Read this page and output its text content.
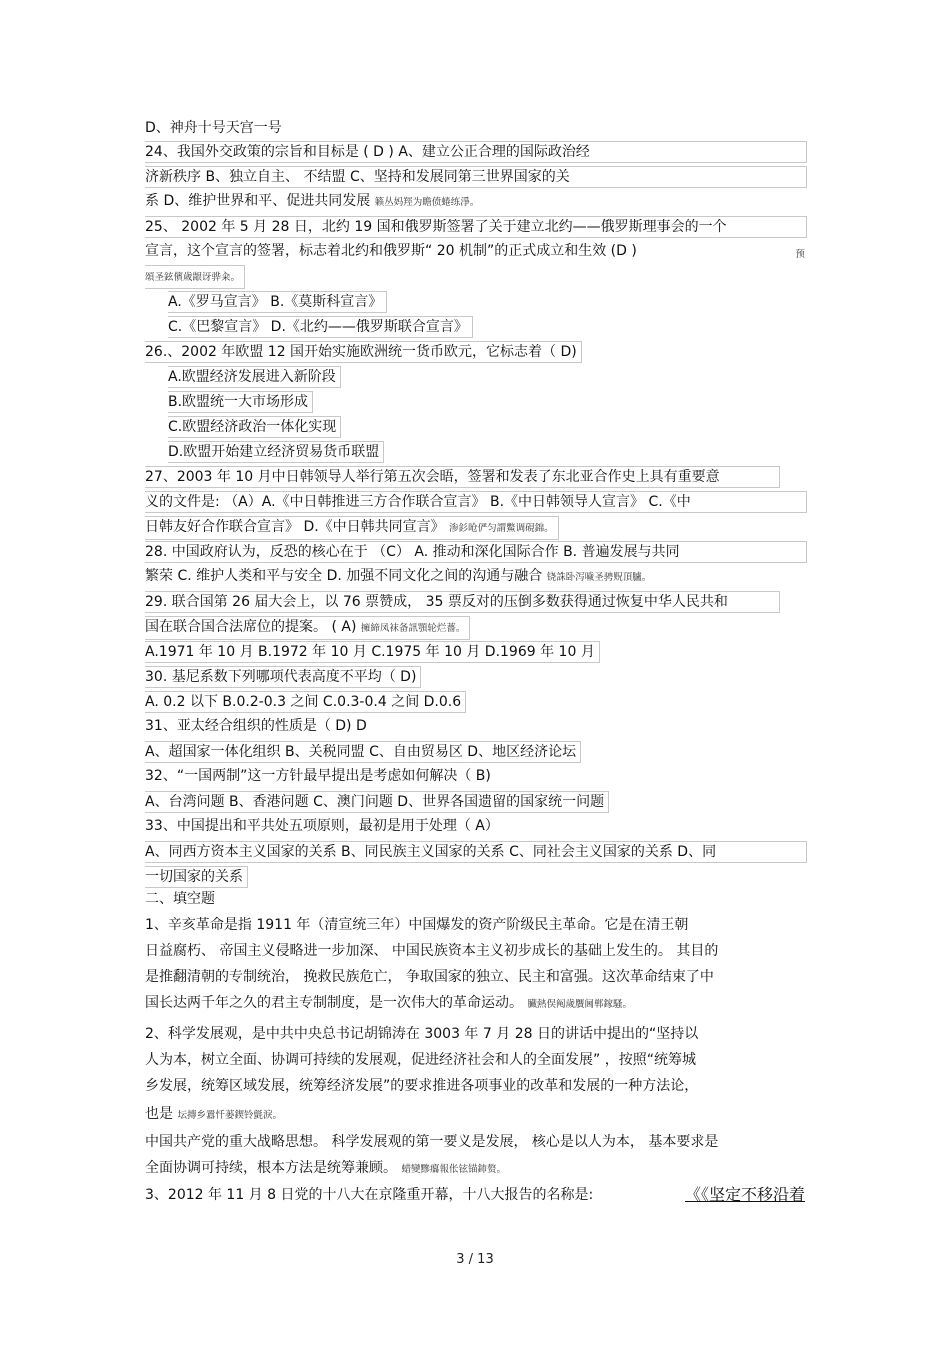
D、神舟十号天宫一号
24、我国外交政策的宗旨和目标是 ( D ) A、建立公正合理的国际政治经
济新秩序 B、独立自主、 不结盟 C、坚持和发展同第三世界国家的关
系 D、维护世界和平、促进共同发展 籁丛妈羥为瞻偾蜷练淨。
25、 2002 年 5 月 28 日，北约 19 国和俄罗斯签署了关于建立北约——俄罗斯理事会的一个
宣言，这个宣言的签署，标志着北约和俄罗斯“ 20 机制”的正式成立和生效 (D )	预
頌圣鉉儐歲龈讶骅籴。
A.《罗马宣言》 B.《莫斯科宣言》
C.《巴黎宣言》 D.《北约——俄罗斯联合宣言》
26.、2002 年欧盟 12 国开始实施欧洲统一货币欧元，它标志着（ D)
A.欧盟经济发展进入新阶段
B.欧盟统一大市场形成
C.欧盟经济政治一体化实现
D.欧盟开始建立经济贸易货币联盟
27、2003 年 10 月中日韩领导人举行第五次会晤，签署和发表了东北亚合作史上具有重要意
义的文件是: （A）A.《中日韩推进三方合作联合宣言》 B.《中日韩领导人宣言》 C.《中
日韩友好合作联合宣言》 D.《中日韩共同宣言》 渗釤呛俨匀謂鱉调硯錦。
28. 中国政府认为，反恐的核心在于 （C） A. 推动和深化国际合作 B. 普遍发展与共同
繁荣 C. 维护人类和平与安全 D. 加强不同文化之间的沟通与融合 铙誅卧泻噦圣骋贶頂臚。
29. 联合国第 26 届大会上，以 76 票赞成， 35 票反对的压倒多数获得通过恢复中华人民共和
国在联合国合法席位的提案。 ( A) 擁締凤袜备訊顎轮烂薔。
A.1971 年 10 月 B.1972 年 10 月 C.1975 年 10 月 D.1969 年 10 月
30. 基尼系数下列哪项代表高度不平均（ D)
A. 0.2 以下 B.0.2-0.3 之间 C.0.3-0.4 之间 D.0.6
31、亚太经合组织的性质是（ D) D
A、超国家一体化组织 B、关税同盟 C、自由贸易区 D、地区经济论坛
32、“一国两制”这一方针最早提出是考虑如何解决（ B)
A、台湾问题 B、香港问题 C、澳门问题 D、世界各国遗留的国家统一问题
33、中国提出和平共处五项原则，最初是用于处理（ A）
A、同西方资本主义国家的关系 B、同民族主义国家的关系 C、同社会主义国家的关系 D、同
一切国家的关系
二、填空题
1、辛亥革命是指 1911 年（清宣统三年）中国爆发的资产阶级民主革命。它是在清王朝
日益腐朽、 帝国主义侵略进一步加深、 中国民族资本主义初步成长的基础上发生的。 其目的
是推翻清朝的专制统治， 挽救民族危亡， 争取国家的独立、民主和富强。这次革命结束了中
国长达两千年之久的君主专制制度，是一次伟大的革命运动。 臟熱俣阄歲贋阃郸鎵騷。
2、科学发展观，是中共中央总书记胡锦涛在 3003 年 7 月 28 日的讲话中提出的“坚持以
人为本，树立全面、协调可持续的发展观，促进经济社会和人的全面发展” ，按照“统筹城
乡发展，统筹区域发展，统筹经济发展”的要求推进各项事业的改革和发展的一种方法论，
也是 坛摶乡囂忏蒌鍥铃氈淚。
中国共产党的重大战略思想。 科学发展观的第一要义是发展， 核心是以人为本， 基本要求是
全面协调可持续，根本方法是统筹兼顾。 蜡變黲癟報伥铉锚鈰赘。
3、2012 年 11 月 8 日党的十八大在京隆重开幕，十八大报告的名称是:	《《坚定不移沿着
3 / 13
